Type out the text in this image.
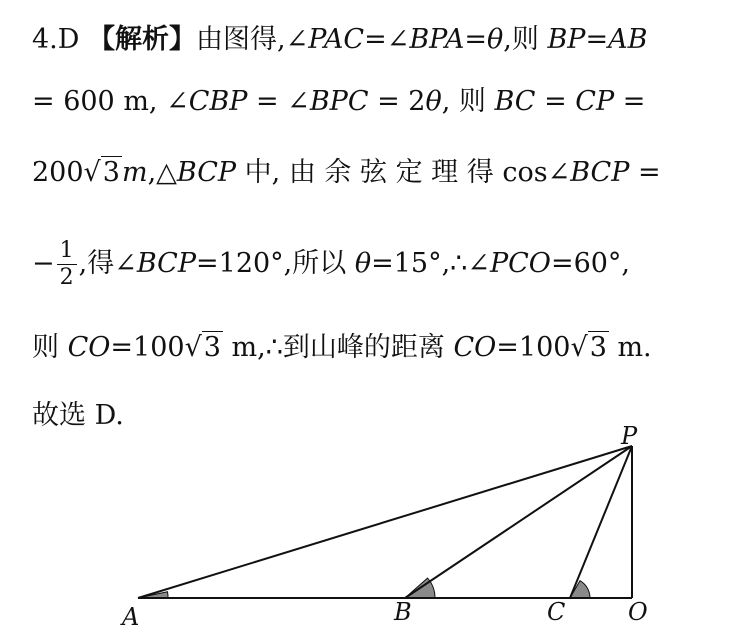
4.D 【解析】由图得,∠PAC=∠BPA=θ,则 BP=AB
= 600 m, ∠CBP = ∠BPC = 2θ, 则 BC = CP =
200√3m,△BCP 中, 由 余 弦 定 理 得 cos∠BCP =
− $\frac{1}{2}$ ,得∠BCP=120°,所以 θ=15°,∴∠PCO=60°,
则 CO=100√3 m,∴到山峰的距离 CO=100√3 m.
故选 D.
P
A	B	C	O
